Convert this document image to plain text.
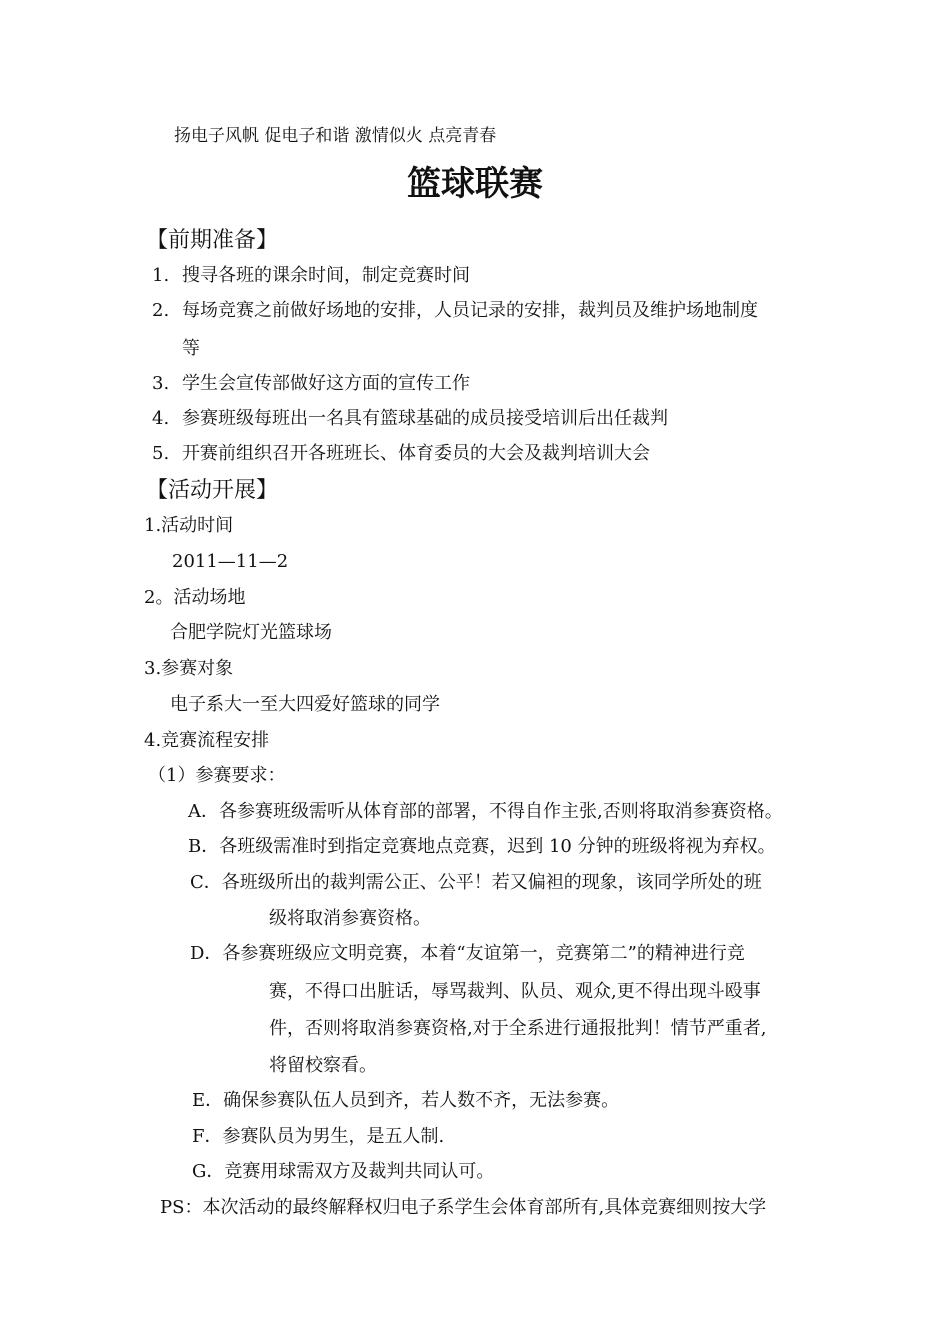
扬电子风帆 促电子和谐 激情似火 点亮青春
篮球联赛
【前期准备】
1. 搜寻各班的课余时间，制定竞赛时间
2. 每场竞赛之前做好场地的安排，人员记录的安排，裁判员及维护场地制度
等
3. 学生会宣传部做好这方面的宣传工作
4. 参赛班级每班出一名具有篮球基础的成员接受培训后出任裁判
5. 开赛前组织召开各班班长、体育委员的大会及裁判培训大会
【活动开展】
1.活动时间
2011—11—2
2。活动场地
合肥学院灯光篮球场
3.参赛对象
电子系大一至大四爱好篮球的同学
4.竞赛流程安排
（1）参赛要求：
A．各参赛班级需听从体育部的部署，不得自作主张,否则将取消参赛资格。
B．各班级需准时到指定竞赛地点竞赛，迟到 10 分钟的班级将视为弃权。
C．各班级所出的裁判需公正、公平！若又偏袒的现象，该同学所处的班
级将取消参赛资格。
D．各参赛班级应文明竞赛，本着“友谊第一，竞赛第二”的精神进行竞
赛，不得口出脏话，辱骂裁判、队员、观众,更不得出现斗殴事
件，否则将取消参赛资格,对于全系进行通报批判！情节严重者,
将留校察看。
E．确保参赛队伍人员到齐，若人数不齐，无法参赛。
F．参赛队员为男生，是五人制.
G．竞赛用球需双方及裁判共同认可。
PS：本次活动的最终解释权归电子系学生会体育部所有,具体竞赛细则按大学
